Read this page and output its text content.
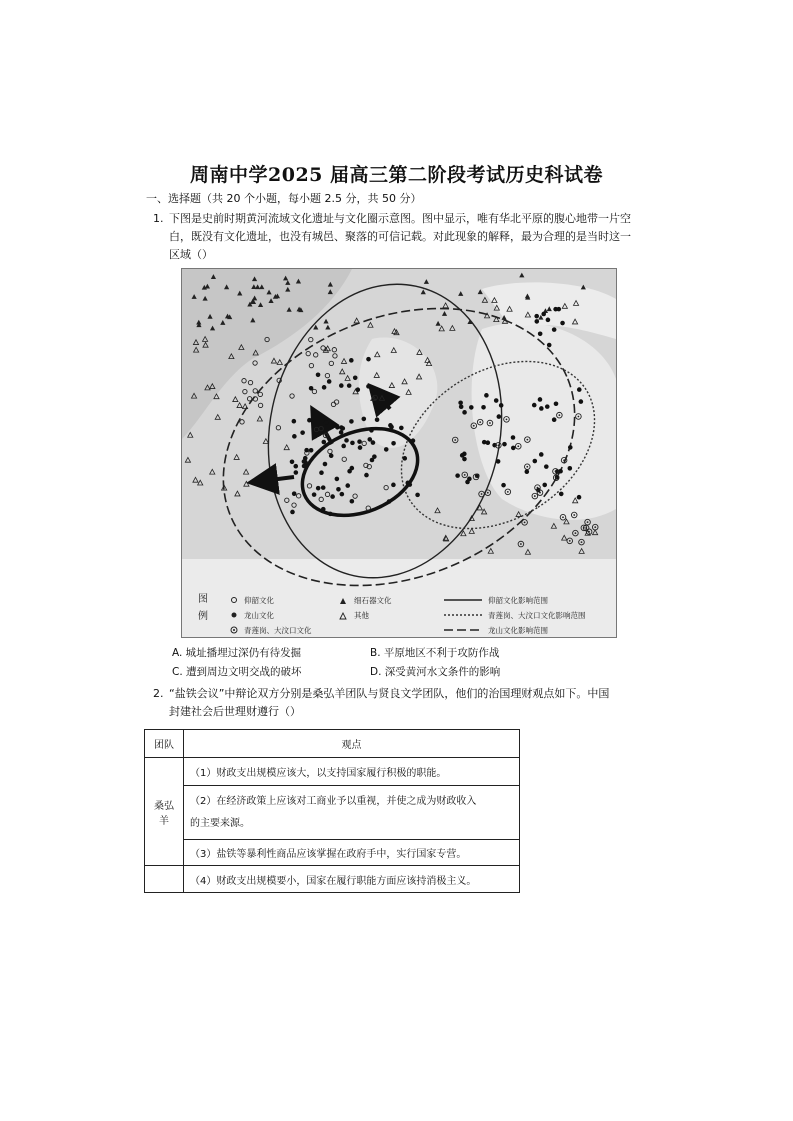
周南中学2025 届高三第二阶段考试历史科试卷
一、选择题（共 20 个小题，每小题 2.5 分，共 50 分）
1. 下图是史前时期黄河流域文化遗址与文化圈示意图。图中显示，唯有华北平原的腹心地带一片空
白，既没有文化遗址，也没有城邑、聚落的可信记载。对此现象的解释，最为合理的是当时这一
区域（）
图
例
仰韶文化
龙山文化
青莲岗、大汶口文化
细石器文化
其他
仰韶文化影响范围
青莲岗、大汶口文化影响范围
龙山文化影响范围
A. 城址播埋过深仍有待发掘	B. 平原地区不利于攻防作战
C. 遭到周边文明交战的破坏	D. 深受黄河水文条件的影响
2. “盐铁会议”中辩论双方分别是桑弘羊团队与贤良文学团队，他们的治国理财观点如下。中国
封建社会后世理财遵行（）
团队	观点
桑弘羊	（1）财政支出规模应该大，以支持国家履行积极的职能。
	（2）在经济政策上应该对工商业予以重视，并使之成为财政收入
的主要来源。
	（3）盐铁等暴利性商品应该掌握在政府手中，实行国家专营。
	（4）财政支出规模要小，国家在履行职能方面应该持消极主义。
